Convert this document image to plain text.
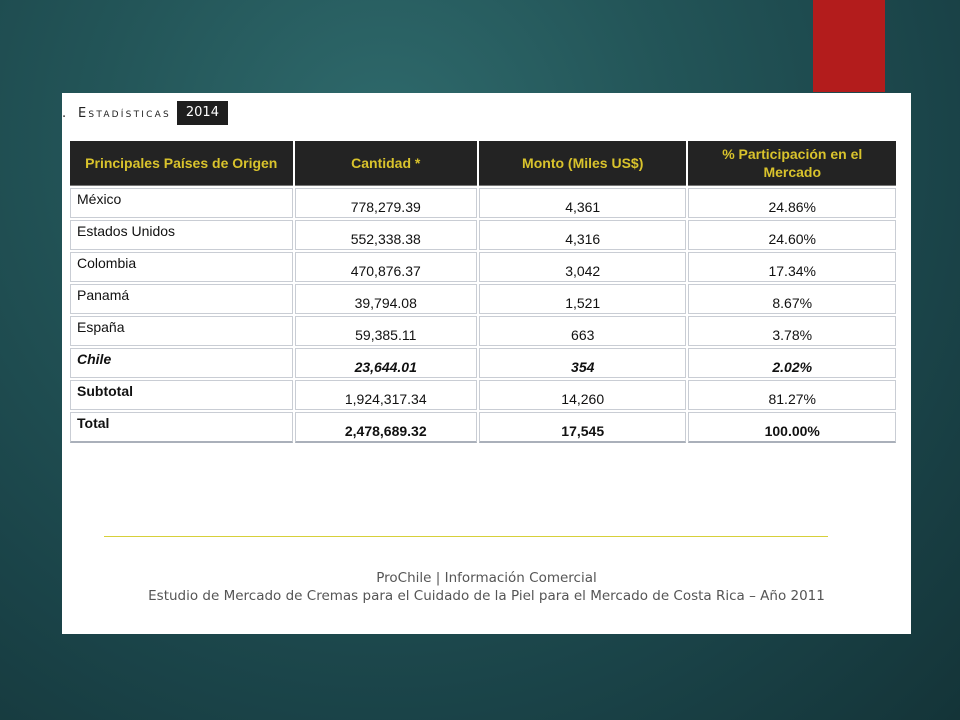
. Estadísticas	2014
Principales Países de Origen	Cantidad *	Monto (Miles US$)	% Participación en el Mercado
México	778,279.39	4,361	24.86%
Estados Unidos	552,338.38	4,316	24.60%
Colombia	470,876.37	3,042	17.34%
Panamá	39,794.08	1,521	8.67%
España	59,385.11	663	3.78%
Chile	23,644.01	354	2.02%
Subtotal	1,924,317.34	14,260	81.27%
Total	2,478,689.32	17,545	100.00%
ProChile | Información Comercial
Estudio de Mercado de Cremas para el Cuidado de la Piel para el Mercado de Costa Rica – Año 2011
